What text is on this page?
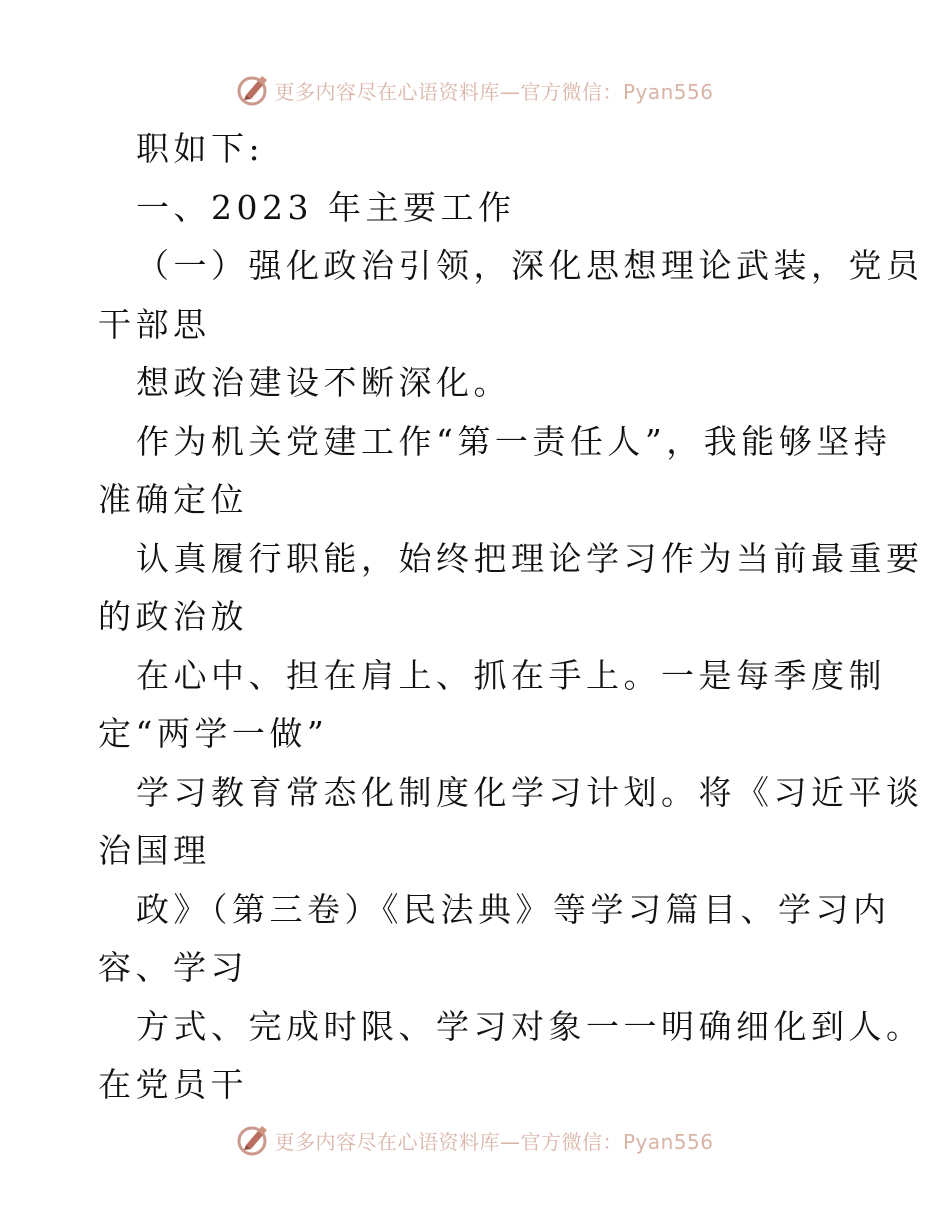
更多内容尽在心语资料库—官方微信：Pyan556
职如下:
一、2023 年主要工作
（一）强化政治引领，深化思想理论武装，党员
干部思
想政治建设不断深化。
作为机关党建工作“第一责任人”，我能够坚持
准确定位
认真履行职能，始终把理论学习作为当前最重要
的政治放
在心中、担在肩上、抓在手上。一是每季度制
定“两学一做”
学习教育常态化制度化学习计划。将《习近平谈
治国理
政》（第三卷）《民法典》等学习篇目、学习内
容、学习
方式、完成时限、学习对象一一明确细化到人。
在党员干
更多内容尽在心语资料库—官方微信：Pyan556
